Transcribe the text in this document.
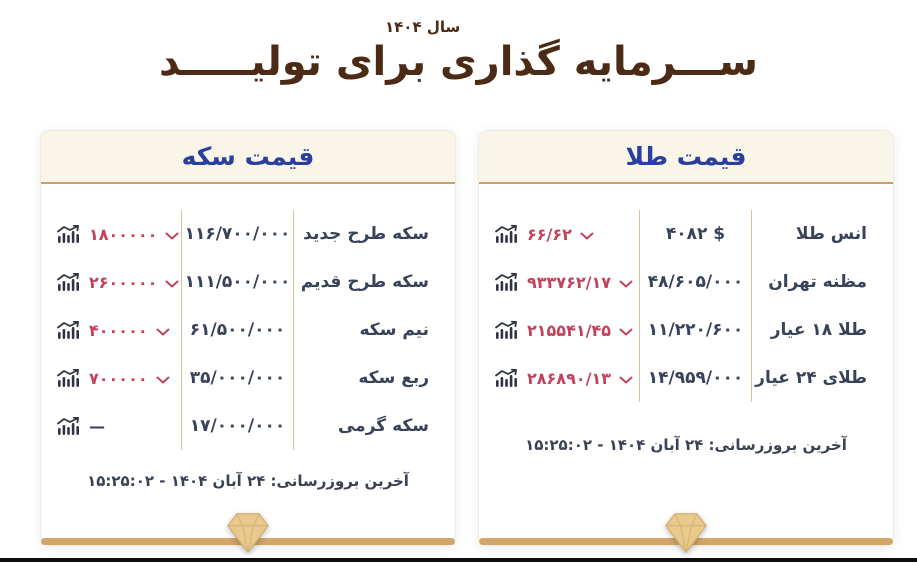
سال ۱۴۰۴
ســـرمایه گذاری برای تولیـــــد
قیمت سکه
سکه طرح جدید
۱۱۶/۷۰۰/۰۰۰
۱۸۰۰۰۰۰
سکه طرح قدیم
۱۱۱/۵۰۰/۰۰۰
۲۶۰۰۰۰۰
نیم سکه
۶۱/۵۰۰/۰۰۰
۴۰۰۰۰۰
ربع سکه
۳۵/۰۰۰/۰۰۰
۷۰۰۰۰۰
سکه گرمی
۱۷/۰۰۰/۰۰۰
—
آخرین بروزرسانی: ۲۴ آبان ۱۴۰۴ - ۱۵:۲۵:۰۲
قیمت طلا
انس طلا
۴۰۸۲ $
۶۶/۶۲
مظنه تهران
۴۸/۶۰۵/۰۰۰
۹۳۳۷۶۲/۱۷
طلا ۱۸ عیار
۱۱/۲۲۰/۶۰۰
۲۱۵۵۴۱/۴۵
طلای ۲۴ عیار
۱۴/۹۵۹/۰۰۰
۲۸۶۸۹۰/۱۳
آخرین بروزرسانی: ۲۴ آبان ۱۴۰۴ - ۱۵:۲۵:۰۲
